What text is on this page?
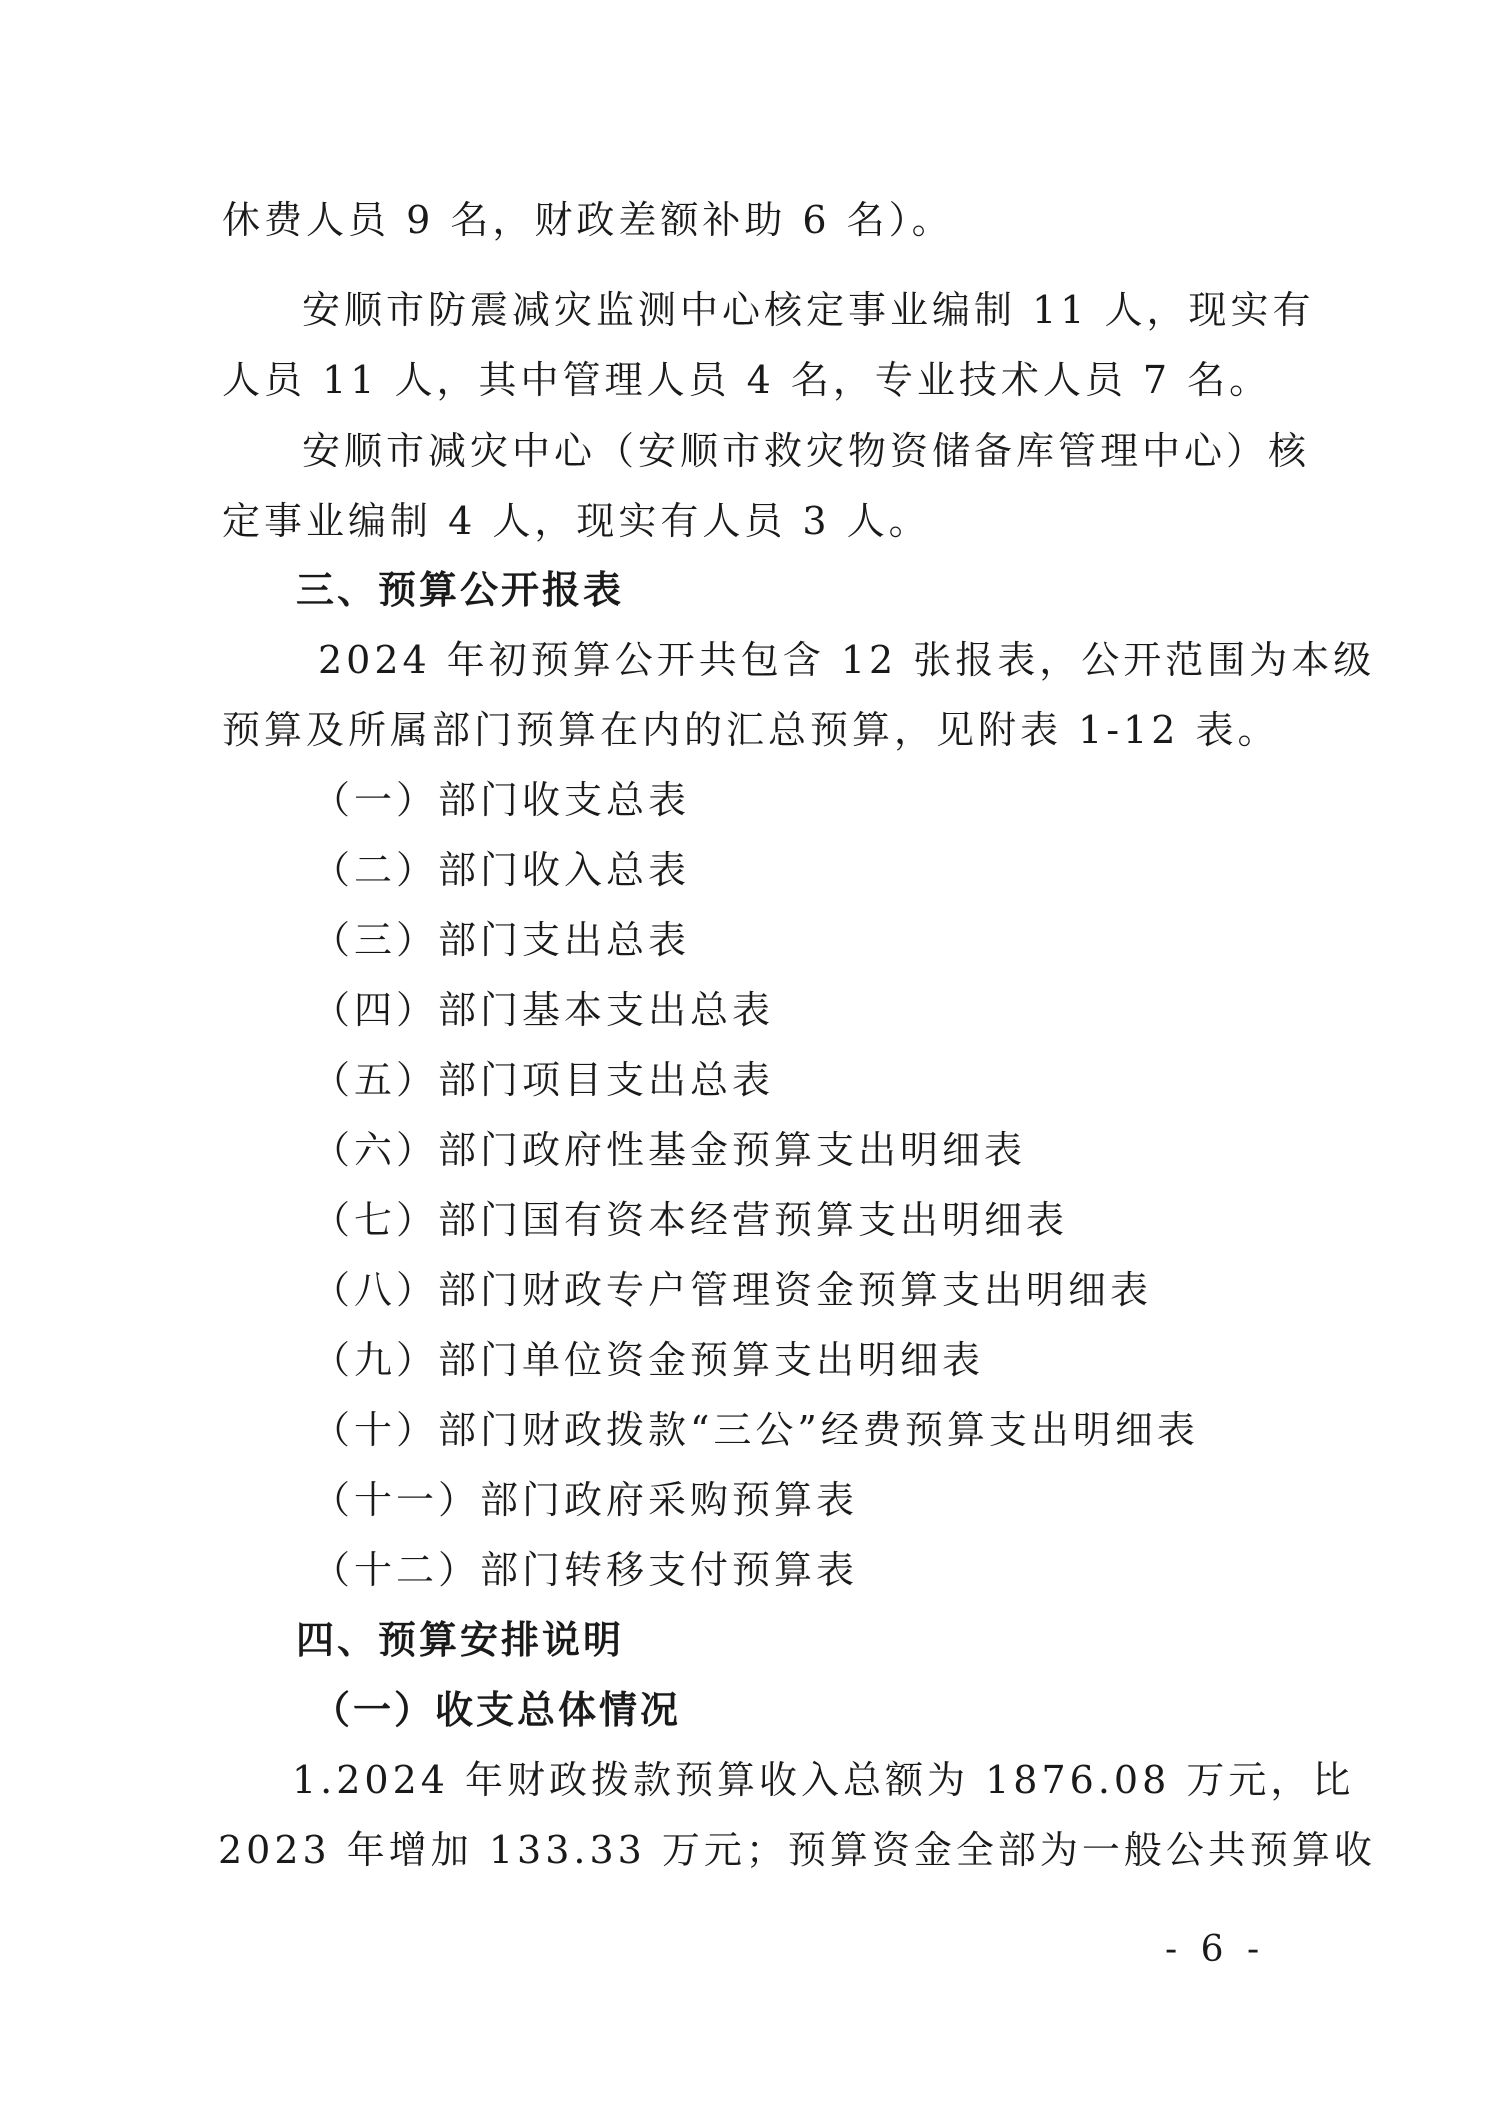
休费人员 9 名，财政差额补助 6 名）。
安顺市防震减灾监测中心核定事业编制 11 人，现实有
人员 11 人，其中管理人员 4 名，专业技术人员 7 名。
安顺市减灾中心（安顺市救灾物资储备库管理中心）核
定事业编制 4 人，现实有人员 3 人。
三、预算公开报表
2024 年初预算公开共包含 12 张报表，公开范围为本级
预算及所属部门预算在内的汇总预算，见附表 1-12 表。
（一）部门收支总表
（二）部门收入总表
（三）部门支出总表
（四）部门基本支出总表
（五）部门项目支出总表
（六）部门政府性基金预算支出明细表
（七）部门国有资本经营预算支出明细表
（八）部门财政专户管理资金预算支出明细表
（九）部门单位资金预算支出明细表
（十）部门财政拨款“三公”经费预算支出明细表
（十一）部门政府采购预算表
（十二）部门转移支付预算表
四、预算安排说明
（一）收支总体情况
1.2024 年财政拨款预算收入总额为 1876.08 万元，比
2023 年增加 133.33 万元；预算资金全部为一般公共预算收
- 6 -
